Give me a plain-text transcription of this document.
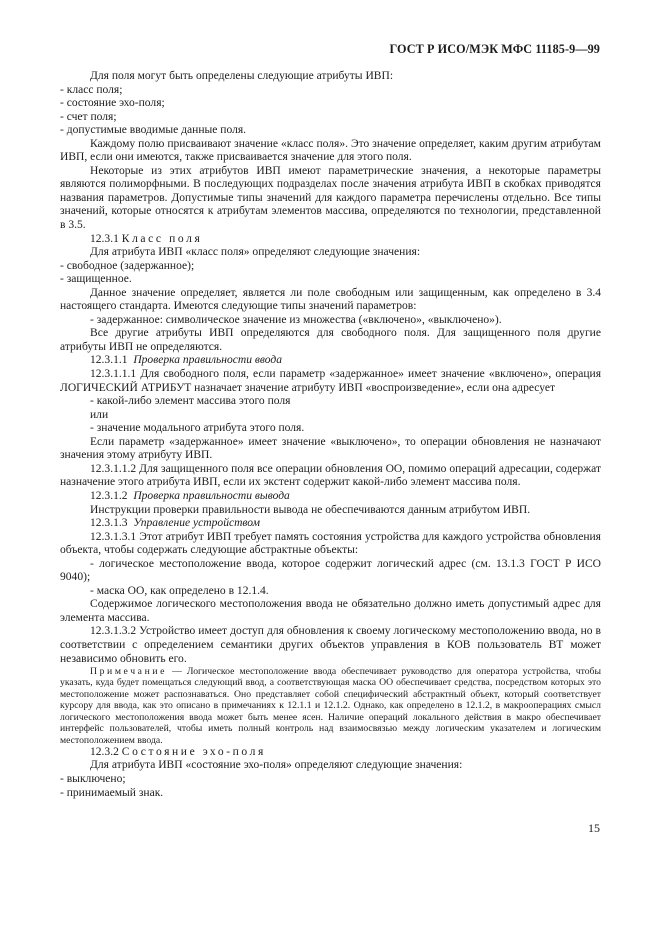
ГОСТ Р ИСО/МЭК МФС 11185-9—99

Для поля могут быть определены следующие атрибуты ИВП:

- класс поля;

- состояние эхо-поля;

- счет поля;

- допустимые вводимые данные поля.

Каждому полю присваивают значение «класс поля». Это значение определяет, каким другим атрибутам ИВП, если они имеются, также присваивается значение для этого поля.

Некоторые из этих атрибутов ИВП имеют параметрические значения, а некоторые параметры являются полиморфными. В последующих подразделах после значения атрибута ИВП в скобках приводятся названия параметров. Допустимые типы значений для каждого параметра перечислены отдельно. Все типы значений, которые относятся к атрибутам элементов массива, определяются по технологии, представленной в 3.5.

12.3.1 Класс поля

Для атрибута ИВП «класс поля» определяют следующие значения:

- свободное (задержанное);

- защищенное.

Данное значение определяет, является ли поле свободным или защищенным, как определено в 3.4 настоящего стандарта. Имеются следующие типы значений параметров:

- задержанное: символическое значение из множества («включено», «выключено»).

Все другие атрибуты ИВП определяются для свободного поля. Для защищенного поля другие атрибуты ИВП не определяются.

12.3.1.1 Проверка правильности ввода

12.3.1.1.1 Для свободного поля, если параметр «задержанное» имеет значение «включено», операция ЛОГИЧЕСКИЙ АТРИБУТ назначает значение атрибуту ИВП «воспроизведение», если она адресует

- какой-либо элемент массива этого поля

или

- значение модального атрибута этого поля.

Если параметр «задержанное» имеет значение «выключено», то операции обновления не назначают значения этому атрибуту ИВП.

12.3.1.1.2 Для защищенного поля все операции обновления ОО, помимо операций адресации, содержат назначение этого атрибута ИВП, если их экстент содержит какой-либо элемент массива поля.

12.3.1.2 Проверка правильности вывода

Инструкции проверки правильности вывода не обеспечиваются данным атрибутом ИВП.

12.3.1.3 Управление устройством

12.3.1.3.1 Этот атрибут ИВП требует память состояния устройства для каждого устройства обновления объекта, чтобы содержать следующие абстрактные объекты:

- логическое местоположение ввода, которое содержит логический адрес (см. 13.1.3 ГОСТ Р ИСО 9040);

- маска ОО, как определено в 12.1.4.

Содержимое логического местоположения ввода не обязательно должно иметь допустимый адрес для элемента массива.

12.3.1.3.2 Устройство имеет доступ для обновления к своему логическому местоположению ввода, но в соответствии с определением семантики других объектов управления в КОВ пользователь ВТ может независимо обновить его.

Примечание — Логическое местоположение ввода обеспечивает руководство для оператора устройства, чтобы указать, куда будет помещаться следующий ввод, а соответствующая маска ОО обеспечивает средства, посредством которых это местоположение может распознаваться. Оно представляет собой специфический абстрактный объект, который соответствует курсору для ввода, как это описано в примечаниях к 12.1.1 и 12.1.2. Однако, как определено в 12.1.2, в макрооперациях смысл логического местоположения ввода может быть менее ясен. Наличие операций локального действия в макро обеспечивает интерфейс пользователей, чтобы иметь полный контроль над взаимосвязью между логическим указателем и логическим местоположением ввода.

12.3.2 Состояние эхо-поля

Для атрибута ИВП «состояние эхо-поля» определяют следующие значения:

- выключено;

- принимаемый знак.

15
